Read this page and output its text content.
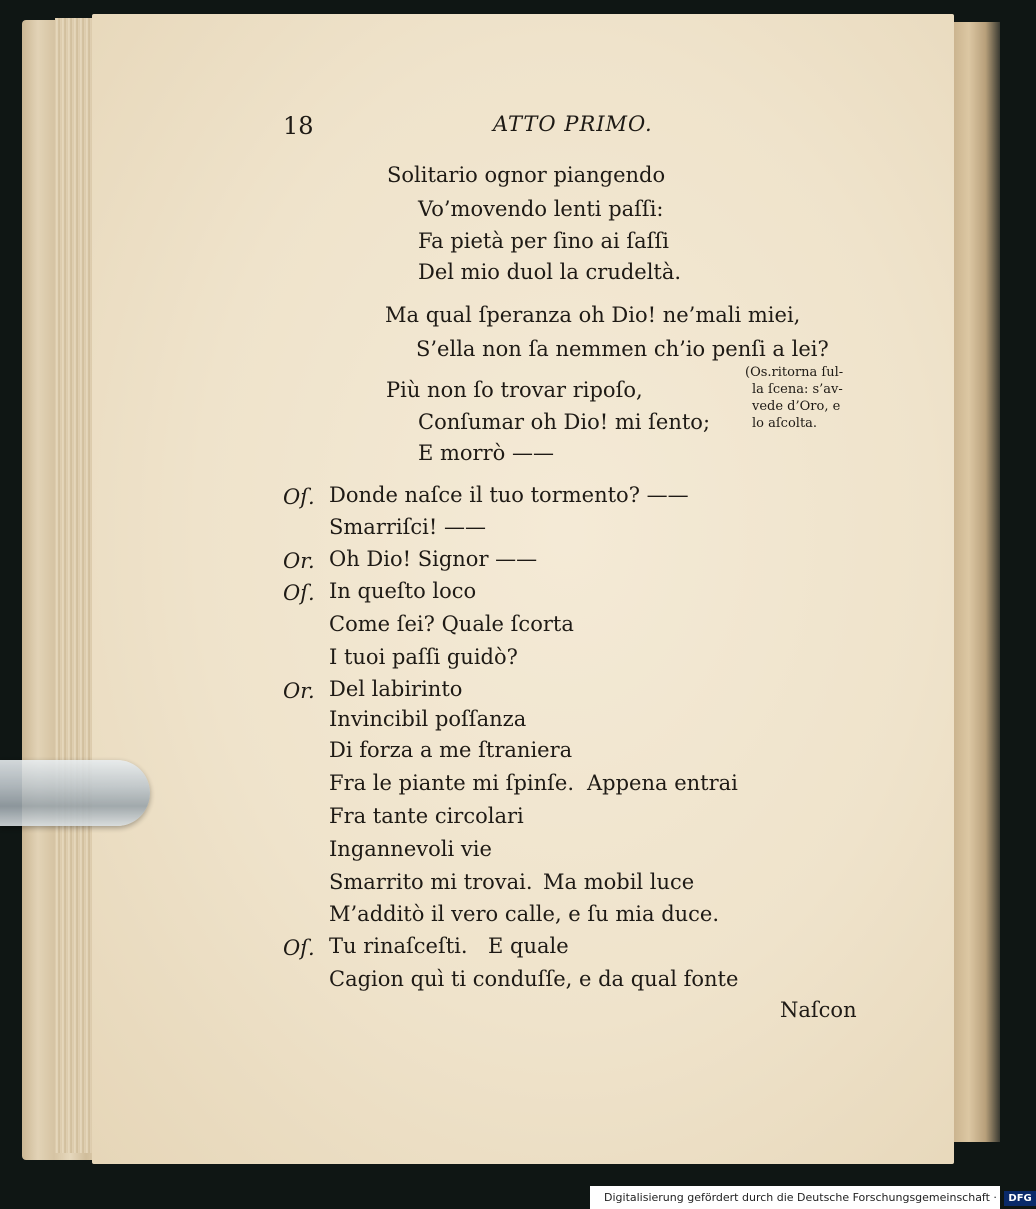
18	ATTO PRIMO.
Solitario ognor piangendo
Vo’movendo lenti paſſi:
Fa pietà per ſino ai ſaſſi
Del mio duol la crudeltà.
Ma qual ſperanza oh Dio! ne’mali miei,
S’ella non ſa nemmen ch’io penſi a lei?
Più non ſo trovar ripoſo,
Conſumar oh Dio! mi ſento;
E morrò ——
(Os.ritorna ſul-
la ſcena: s’av-
vede d’Oro, e
lo aſcolta.
Oſ. Donde naſce il tuo tormento? ——
Smarriſci! ——
Or. Oh Dio! Signor ——
Oſ. In queſto loco
Come ſei? Quale ſcorta
I tuoi paſſi guidò?
Or. Del labirinto
Invincibil poſſanza
Di forza a me ſtraniera
Fra le piante mi ſpinſe. Appena entrai
Fra tante circolari
Ingannevoli vie
Smarrito mi trovai. Ma mobil luce
M’additò il vero calle, e ſu mia duce.
Oſ. Tu rinaſceſti. E quale
Cagion quì ti conduſſe, e da qual fonte
Naſcon
Digitalisierung gefördert durch die Deutsche Forschungsgemeinschaft · DFG
